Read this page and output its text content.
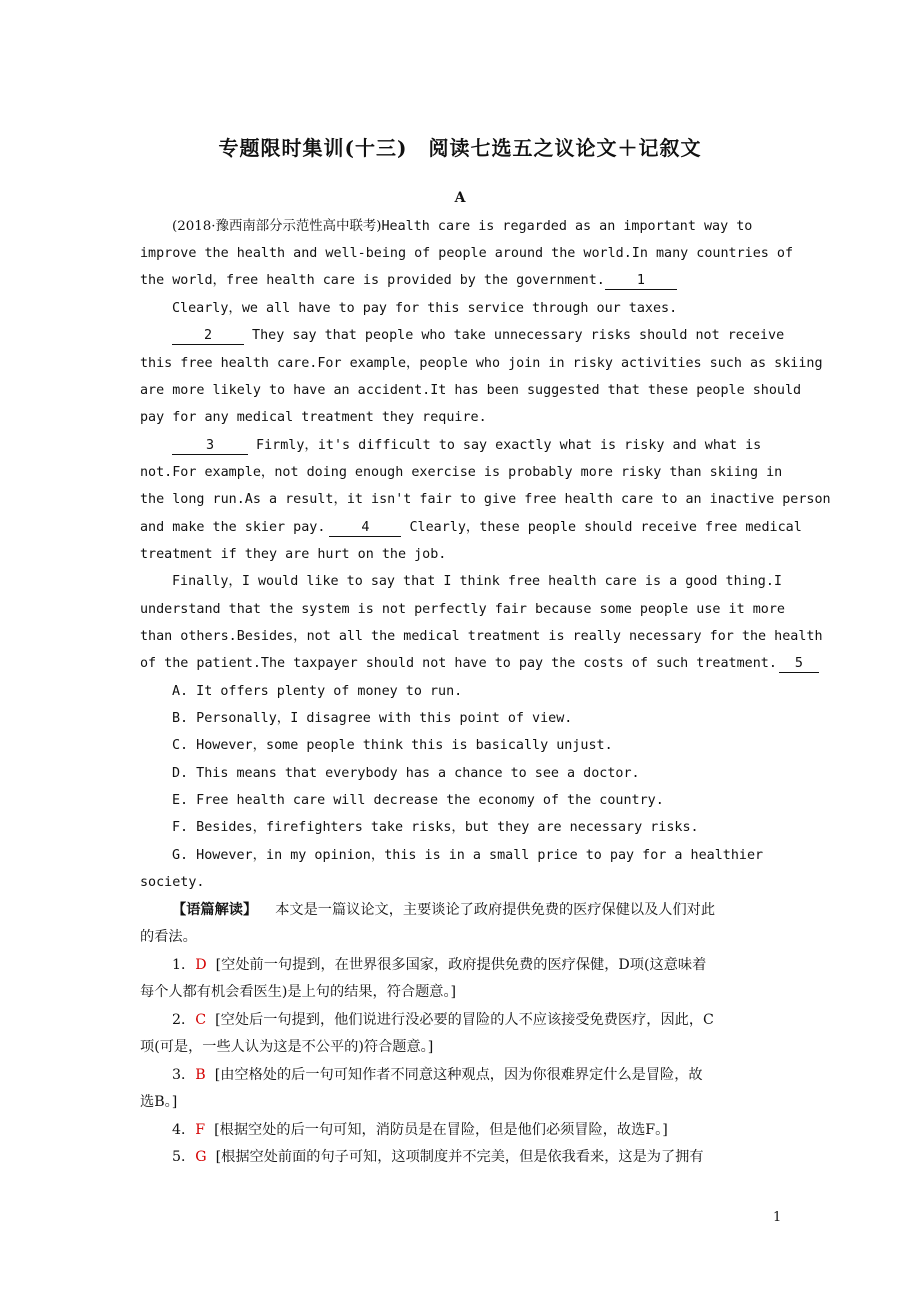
专题限时集训(十三)　阅读七选五之议论文＋记叙文
A
(2018·豫西南部分示范性高中联考)Health care is regarded as an important way to
improve the health and well-being of people around the world.In many countries of
the world，free health care is provided by the government. 1
Clearly，we all have to pay for this service through our taxes.
2 They say that people who take unnecessary risks should not receive
this free health care.For example，people who join in risky activities such as skiing
are more likely to have an accident.It has been suggested that these people should
pay for any medical treatment they require.
3	Firmly，it's difficult to say exactly what is risky and what is
not.For example，not doing enough exercise is probably more risky than skiing in
the long run.As a result，it isn't fair to give free health care to an inactive person
and make the skier pay.	4 Clearly，these people should receive free medical
treatment if they are hurt on the job.
Finally，I would like to say that I think free health care is a good thing.I
understand that the system is not perfectly fair because some people use it more
than others.Besides，not all the medical treatment is really necessary for the health
of the patient.The taxpayer should not have to pay the costs of such treatment. 5
A. It offers plenty of money to run.
B. Personally，I disagree with this point of view.
C. However，some people think this is basically unjust.
D. This means that everybody has a chance to see a doctor.
E. Free health care will decrease the economy of the country.
F. Besides，firefighters take risks，but they are necessary risks.
G. However，in my opinion，this is in a small price to pay for a healthier
society.
【语篇解读】 本文是一篇议论文，主要谈论了政府提供免费的医疗保健以及人们对此
的看法。
1．D [空处前一句提到，在世界很多国家，政府提供免费的医疗保健，D项(这意味着
每个人都有机会看医生)是上句的结果，符合题意。]
2．C [空处后一句提到，他们说进行没必要的冒险的人不应该接受免费医疗，因此，C
项(可是，一些人认为这是不公平的)符合题意。]
3．B [由空格处的后一句可知作者不同意这种观点，因为你很难界定什么是冒险，故
选B。]
4．F [根据空处的后一句可知，消防员是在冒险，但是他们必须冒险，故选F。]
5．G [根据空处前面的句子可知，这项制度并不完美，但是依我看来，这是为了拥有
1
